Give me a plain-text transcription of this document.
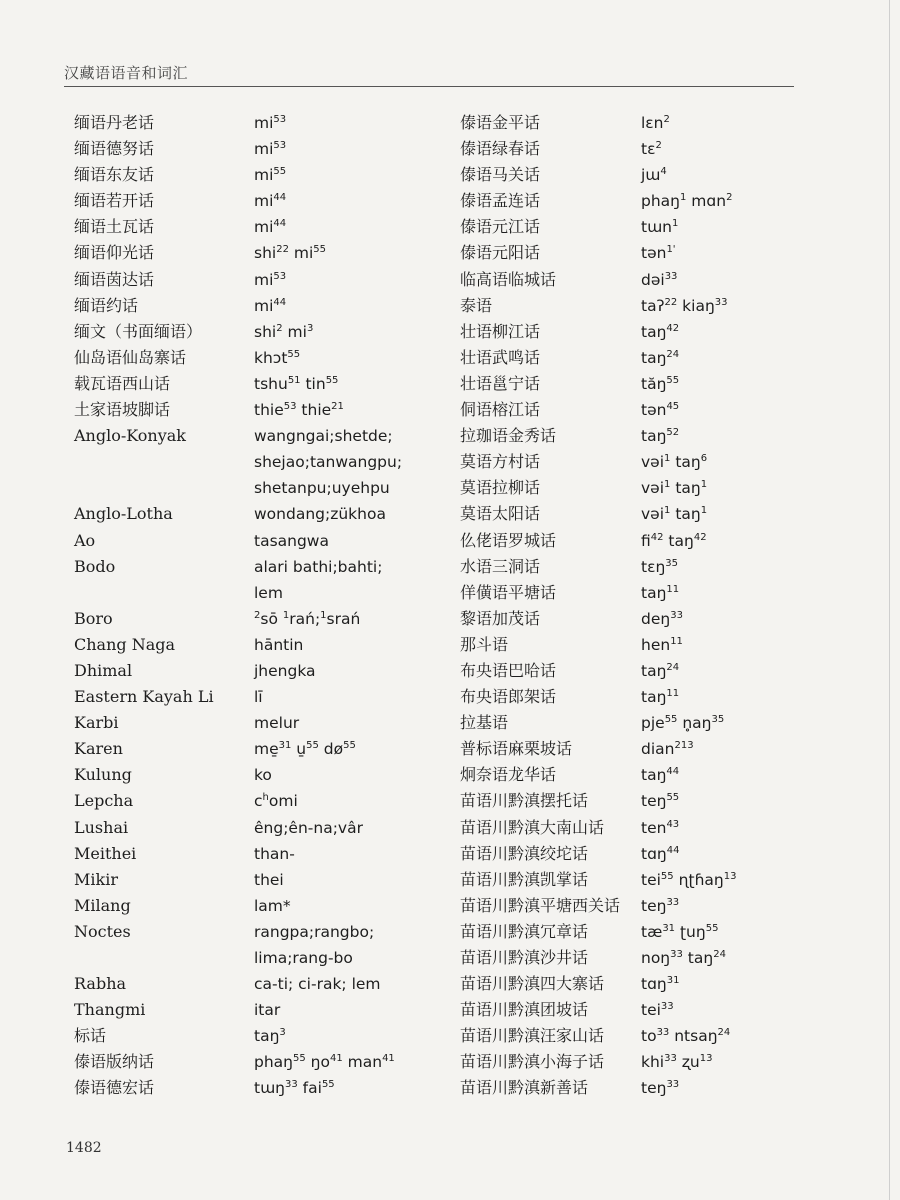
汉藏语语音和词汇
缅语丹老话
缅语德努话
缅语东友话
缅语若开话
缅语土瓦话
缅语仰光话
缅语茵达话
缅语约话
缅文（书面缅语）
仙岛语仙岛寨话
载瓦语西山话
土家语坡脚话
Anglo-Konyak
Anglo-Lotha
Ao
Bodo
Boro
Chang Naga
Dhimal
Eastern Kayah Li
Karbi
Karen
Kulung
Lepcha
Lushai
Meithei
Mikir
Milang
Noctes
Rabha
Thangmi
标话
傣语版纳话
傣语德宏话
$mi^{53}$
$mi^{53}$
$mi^{55}$
$mi^{44}$
$mi^{44}$
shi$^{22}$ $mi^{55}$
$mi^{53}$
$mi^{44}$
shi$^2$ $mi^3$
khɔt$^{55}$
tshu$^{51}$ tin$^{55}$
thie$^{53}$ thie$^{21}$
wangngai;shetde;
shejao;tanwangpu;
shetanpu;uyehpu
wondang;zükhoa
tasangwa
alari bathi;bahti;
lem
$^2$sō $^1$rań;$^1$srań
hāntin
jhengka
lī
melur
me̱$^{31}$ u̱$^{55}$ $dø^{55}$
ko
$c^homi$
êng;ên-na;vâr
than-
thei
lam*
rangpa;rangbo;
lima;rang-bo
ca-ti; ci-rak; lem
itar
taŋ$^3$
phaŋ$^{55}$ $ŋo^{41}$ man$^{41}$
tɯŋ$^{33}$ fai$^{55}$
傣语金平话
傣语绿春话
傣语马关话
傣语孟连话
傣语元江话
傣语元阳话
临高语临城话
泰语
壮语柳江话
壮语武鸣话
壮语邕宁话
侗语榕江话
拉珈语金秀话
莫语方村话
莫语拉柳话
莫语太阳话
仫佬语罗城话
水语三洞话
佯僙语平塘话
黎语加茂话
那斗语
布央语巴哈话
布央语郎架话
拉基语
普标语麻栗坡话
炯奈语龙华话
苗语川黔滇摆托话
苗语川黔滇大南山话
苗语川黔滇绞坨话
苗语川黔滇凯掌话
苗语川黔滇平塘西关话
苗语川黔滇冗章话
苗语川黔滇沙井话
苗语川黔滇四大寨话
苗语川黔滇团坡话
苗语川黔滇汪家山话
苗语川黔滇小海子话
苗语川黔滇新善话
lɛn$^2$
tɛ$^2$
jɯ$^4$
phaŋ$^1$ mɑn$^2$
tɯn$^1$
tən$^{1'}$
dəi$^{33}$
taʔ$^{22}$ kiaŋ$^{33}$
taŋ$^{42}$
taŋ$^{24}$
tăŋ$^{55}$
tən$^{45}$
taŋ$^{52}$
vəi$^1$ taŋ$^6$
vəi$^1$ taŋ$^1$
vəi$^1$ taŋ$^1$
$fi^{42}$ taŋ$^{42}$
tɛŋ$^{35}$
taŋ$^{11}$
deŋ$^{33}$
hen$^{11}$
taŋ$^{24}$
taŋ$^{11}$
pje$^{55}$ $n̥aŋ^{35}$
dian$^{213}$
taŋ$^{44}$
teŋ$^{55}$
ten$^{43}$
tɑŋ$^{44}$
tei$^{55}$ ɳʈɦaŋ$^{13}$
teŋ$^{33}$
$tæ^{31}$ ʈuŋ$^{55}$
noŋ$^{33}$ taŋ$^{24}$
tɑŋ$^{31}$
tei$^{33}$
$to^{33}$ ntsaŋ$^{24}$
khi$^{33}$ ʐu$^{13}$
teŋ$^{33}$
1482
